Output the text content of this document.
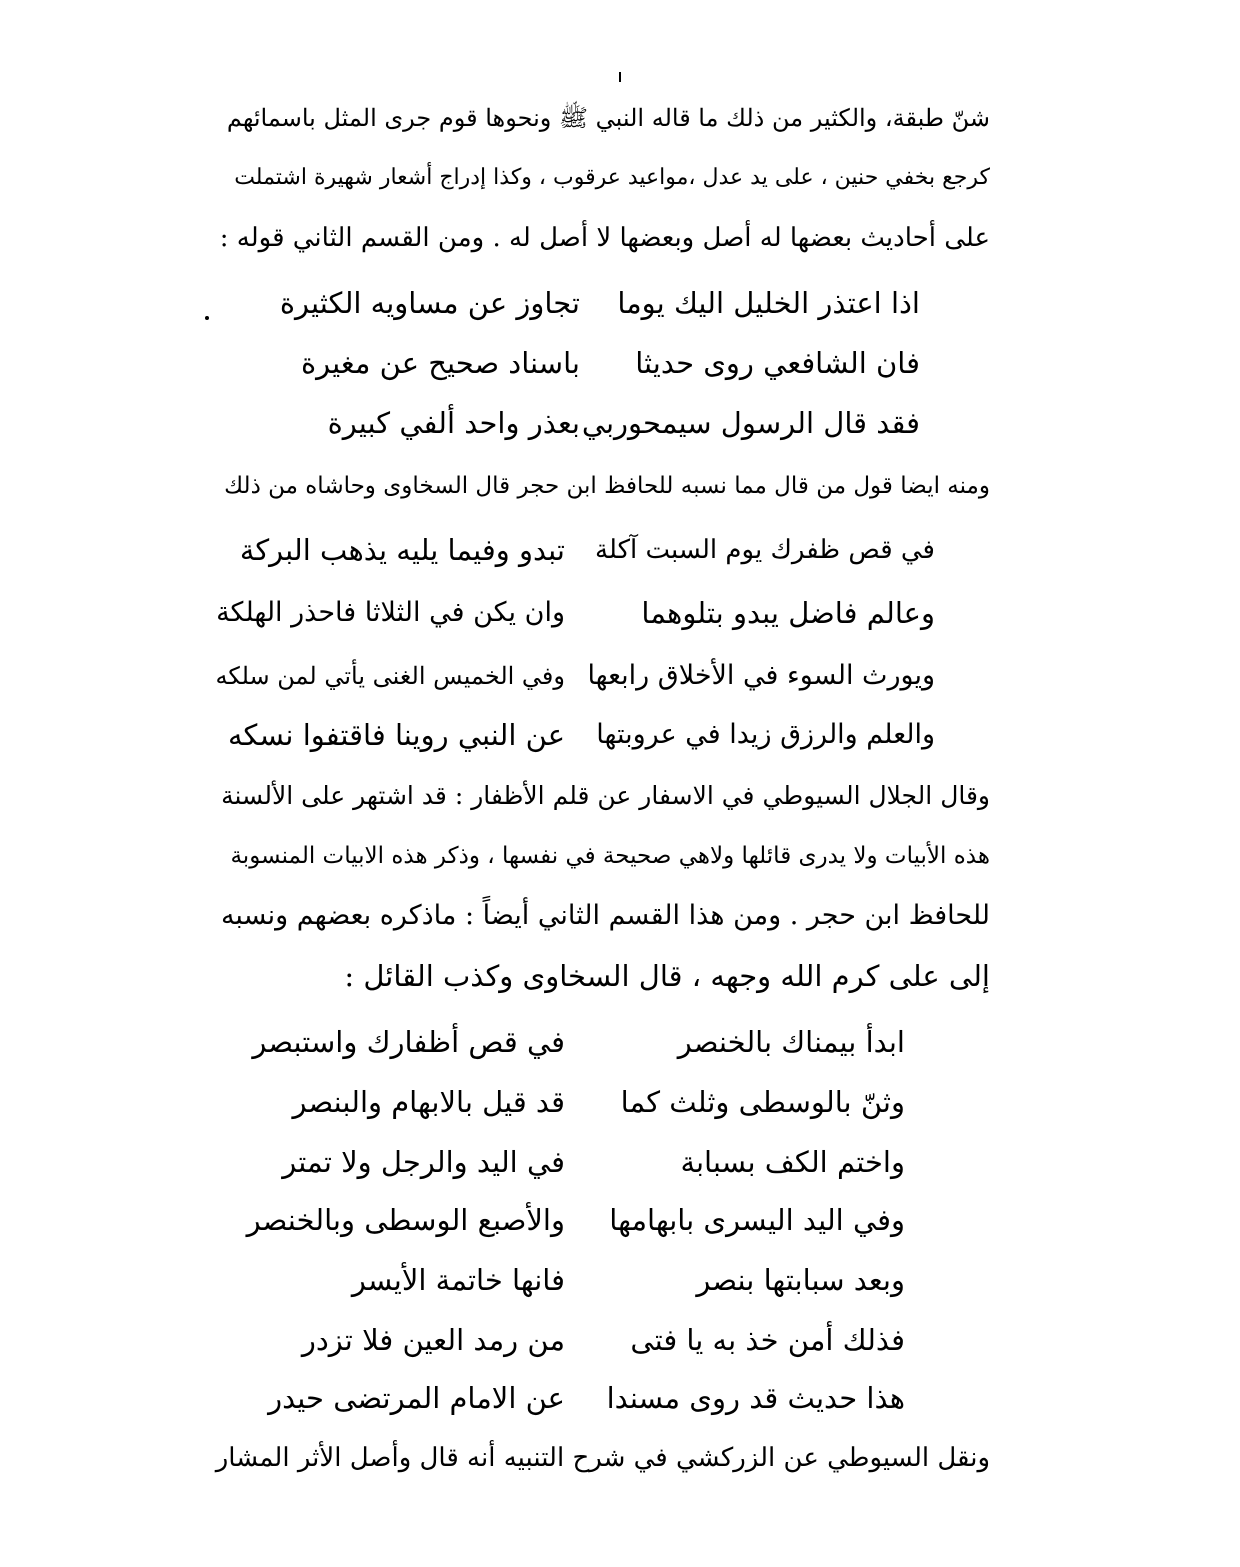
شنّ طبقة، والكثير من ذلك ما قاله النبي ﷺ ونحوها قوم جرى المثل باسمائهم
كرجع بخفي حنين ، على يد عدل ،مواعيد عرقوب ، وكذا إدراج أشعار شهيرة اشتملت
على أحاديث بعضها له أصل وبعضها لا أصل له . ومن القسم الثاني قوله :
اذا اعتذر الخليل اليك يوما
تجاوز عن مساويه الكثيرة
فان الشافعي روى حديثا
باسناد صحيح عن مغيرة
فقد قال الرسول سيمحوربي
بعذر واحد ألفي كبيرة
ومنه ايضا قول من قال مما نسبه للحافظ ابن حجر قال السخاوى وحاشاه من ذلك
في قص ظفرك يوم السبت آكلة
تبدو وفيما يليه يذهب البركة
وعالم فاضل يبدو بتلوهما
وان يكن في الثلاثا فاحذر الهلكة
ويورث السوء في الأخلاق رابعها
وفي الخميس الغنى يأتي لمن سلكه
والعلم والرزق زيدا في عروبتها
عن النبي روينا فاقتفوا نسكه
وقال الجلال السيوطي في الاسفار عن قلم الأظفار : قد اشتهر على الألسنة
هذه الأبيات ولا يدرى قائلها ولاهي صحيحة في نفسها ، وذكر هذه الابيات المنسوبة
للحافظ ابن حجر . ومن هذا القسم الثاني أيضاً : ماذكره بعضهم ونسبه
إلى على كرم الله وجهه ، قال السخاوى وكذب القائل :
ابدأ بيمناك بالخنصر
في قص أظفارك واستبصر
وثنّ بالوسطى وثلث كما
قد قيل بالابهام والبنصر
واختم الكف بسبابة
في اليد والرجل ولا تمتر
وفي اليد اليسرى بابهامها
والأصبع الوسطى وبالخنصر
وبعد سبابتها بنصر
فانها خاتمة الأيسر
فذلك أمن خذ به يا فتى
من رمد العين فلا تزدر
هذا حديث قد روى مسندا
عن الامام المرتضى حيدر
ونقل السيوطي عن الزركشي في شرح التنبيه أنه قال وأصل الأثر المشار
